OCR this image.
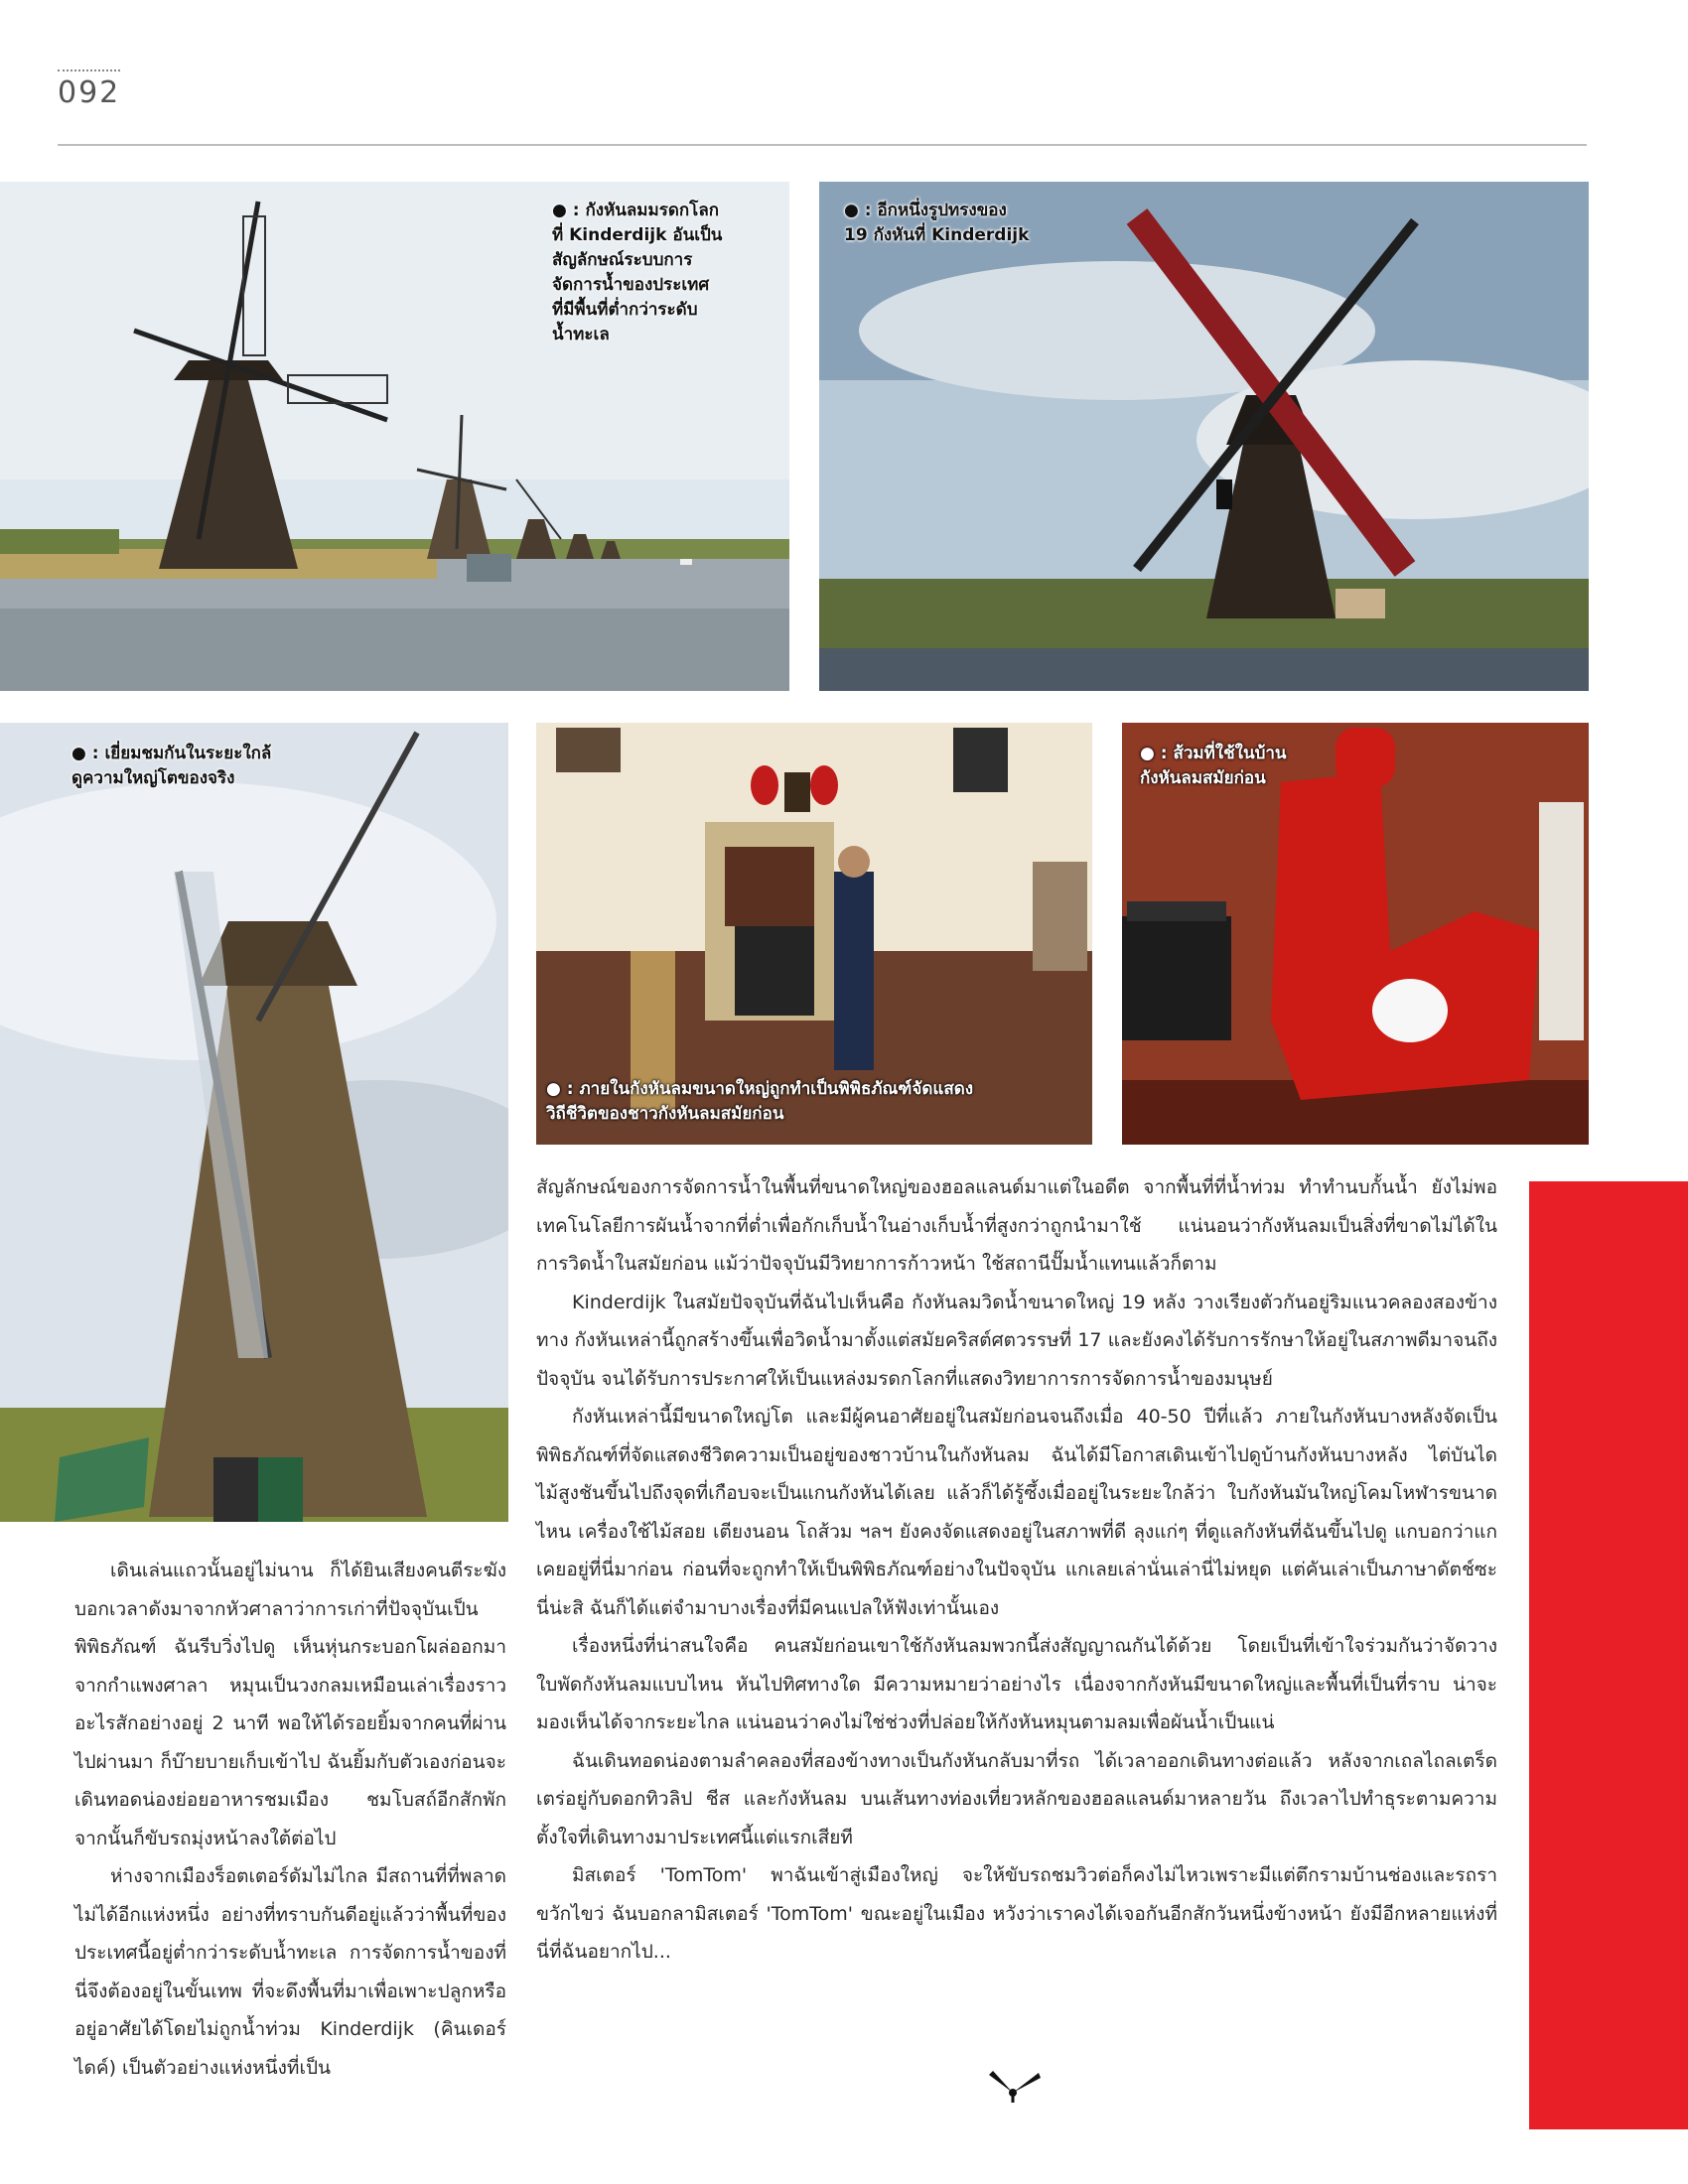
092
● : กังหันลมมรดกโลก
ที่ Kinderdijk อันเป็น
สัญลักษณ์ระบบการ
จัดการน้ำของประเทศ
ที่มีพื้นที่ต่ำกว่าระดับ
น้ำทะเล
● : อีกหนึ่งรูปทรงของ
19 กังหันที่ Kinderdijk
● : เยี่ยมชมกันในระยะใกล้
ดูความใหญ่โตของจริง
● : ภายในกังหันลมขนาดใหญ่ถูกทำเป็นพิพิธภัณฑ์จัดแสดง
วิถีชีวิตของชาวกังหันลมสมัยก่อน
● : ส้วมที่ใช้ในบ้าน
กังหันลมสมัยก่อน

เดินเล่นแถวนั้นอยู่ไม่นาน ก็ได้ยินเสียงคนตีระฆังบอกเวลาดังมาจากหัวศาลาว่าการเก่าที่ปัจจุบันเป็นพิพิธภัณฑ์ ฉันรีบวิ่งไปดู เห็นหุ่นกระบอกโผล่ออกมาจากกำแพงศาลา หมุนเป็นวงกลมเหมือนเล่าเรื่องราวอะไรสักอย่างอยู่ 2 นาที พอให้ได้รอยยิ้มจากคนที่ผ่านไปผ่านมา ก็บ๊ายบายเก็บเข้าไป ฉันยิ้มกับตัวเองก่อนจะเดินทอดน่องย่อยอาหารชมเมือง ชมโบสถ์อีกสักพัก จากนั้นก็ขับรถมุ่งหน้าลงใต้ต่อไป

ห่างจากเมืองร็อตเตอร์ดัมไม่ไกล มีสถานที่ที่พลาดไม่ได้อีกแห่งหนึ่ง อย่างที่ทราบกันดีอยู่แล้วว่าพื้นที่ของประเทศนี้อยู่ต่ำกว่าระดับน้ำทะเล การจัดการน้ำของที่นี่จึงต้องอยู่ในขั้นเทพ ที่จะดึงพื้นที่มาเพื่อเพาะปลูกหรืออยู่อาศัยได้โดยไม่ถูกน้ำท่วม Kinderdijk (คินเดอร์ไดค์) เป็นตัวอย่างแห่งหนึ่งที่เป็น

สัญลักษณ์ของการจัดการน้ำในพื้นที่ขนาดใหญ่ของฮอลแลนด์มาแต่ในอดีต จากพื้นที่ที่น้ำท่วม ทำทำนบกั้นน้ำ ยังไม่พอ เทคโนโลยีการผันน้ำจากที่ต่ำเพื่อกักเก็บน้ำในอ่างเก็บน้ำที่สูงกว่าถูกนำมาใช้ แน่นอนว่ากังหันลมเป็นสิ่งที่ขาดไม่ได้ในการวิดน้ำในสมัยก่อน แม้ว่าปัจจุบันมีวิทยาการก้าวหน้า ใช้สถานีปั๊มน้ำแทนแล้วก็ตาม

Kinderdijk ในสมัยปัจจุบันที่ฉันไปเห็นคือ กังหันลมวิดน้ำขนาดใหญ่ 19 หลัง วางเรียงตัวกันอยู่ริมแนวคลองสองข้างทาง กังหันเหล่านี้ถูกสร้างขึ้นเพื่อวิดน้ำมาตั้งแต่สมัยคริสต์ศตวรรษที่ 17 และยังคงได้รับการรักษาให้อยู่ในสภาพดีมาจนถึงปัจจุบัน จนได้รับการประกาศให้เป็นแหล่งมรดกโลกที่แสดงวิทยาการการจัดการน้ำของมนุษย์

กังหันเหล่านี้มีขนาดใหญ่โต และมีผู้คนอาศัยอยู่ในสมัยก่อนจนถึงเมื่อ 40-50 ปีที่แล้ว ภายในกังหันบางหลังจัดเป็นพิพิธภัณฑ์ที่จัดแสดงชีวิตความเป็นอยู่ของชาวบ้านในกังหันลม ฉันได้มีโอกาสเดินเข้าไปดูบ้านกังหันบางหลัง ไต่บันไดไม้สูงชันขึ้นไปถึงจุดที่เกือบจะเป็นแกนกังหันได้เลย แล้วก็ได้รู้ซึ้งเมื่ออยู่ในระยะใกล้ว่า ใบกังหันมันใหญ่โคมโหฬารขนาดไหน เครื่องใช้ไม้สอย เตียงนอน โถส้วม ฯลฯ ยังคงจัดแสดงอยู่ในสภาพที่ดี ลุงแก่ๆ ที่ดูแลกังหันที่ฉันขึ้นไปดู แกบอกว่าแกเคยอยู่ที่นี่มาก่อน ก่อนที่จะถูกทำให้เป็นพิพิธภัณฑ์อย่างในปัจจุบัน แกเลยเล่านั่นเล่านี่ไม่หยุด แต่คันเล่าเป็นภาษาดัตช์ซะนี่น่ะสิ ฉันก็ได้แต่จำมาบางเรื่องที่มีคนแปลให้ฟังเท่านั้นเอง

เรื่องหนึ่งที่น่าสนใจคือ คนสมัยก่อนเขาใช้กังหันลมพวกนี้ส่งสัญญาณกันได้ด้วย โดยเป็นที่เข้าใจร่วมกันว่าจัดวางใบพัดกังหันลมแบบไหน หันไปทิศทางใด มีความหมายว่าอย่างไร เนื่องจากกังหันมีขนาดใหญ่และพื้นที่เป็นที่ราบ น่าจะมองเห็นได้จากระยะไกล แน่นอนว่าคงไม่ใช่ช่วงที่ปล่อยให้กังหันหมุนตามลมเพื่อผันน้ำเป็นแน่

ฉันเดินทอดน่องตามลำคลองที่สองข้างทางเป็นกังหันกลับมาที่รถ ได้เวลาออกเดินทางต่อแล้ว หลังจากเถลไถลเตร็ดเตร่อยู่กับดอกทิวลิป ชีส และกังหันลม บนเส้นทางท่องเที่ยวหลักของฮอลแลนด์มาหลายวัน ถึงเวลาไปทำธุระตามความตั้งใจที่เดินทางมาประเทศนี้แต่แรกเสียที

มิสเตอร์ 'TomTom' พาฉันเข้าสู่เมืองใหญ่ จะให้ขับรถชมวิวต่อก็คงไม่ไหวเพราะมีแต่ตึกรามบ้านช่องและรถราขวักไขว่ ฉันบอกลามิสเตอร์ 'TomTom' ขณะอยู่ในเมือง หวังว่าเราคงได้เจอกันอีกสักวันหนึ่งข้างหน้า ยังมีอีกหลายแห่งที่นี่ที่ฉันอยากไป...
